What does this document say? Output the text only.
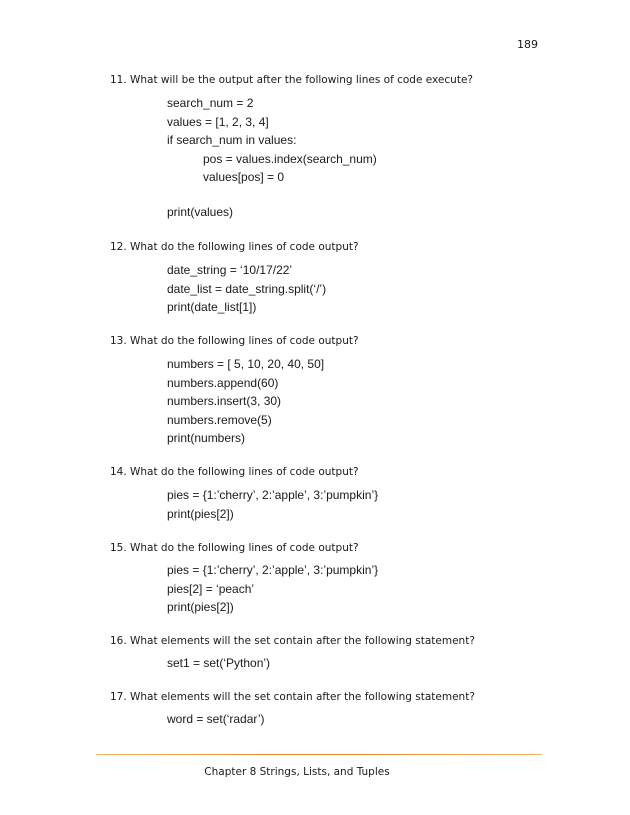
189
11. What will be the output after the following lines of code execute?
search_num = 2
values = [1, 2, 3, 4]
if search_num in values:
pos = values.index(search_num)
values[pos] = 0
print(values)
12. What do the following lines of code output?
date_string = ‘10/17/22’
date_list = date_string.split(‘/’)
print(date_list[1])
13. What do the following lines of code output?
numbers = [ 5, 10, 20, 40, 50]
numbers.append(60)
numbers.insert(3, 30)
numbers.remove(5)
print(numbers)
14. What do the following lines of code output?
pies = {1:’cherry’, 2:’apple’, 3:’pumpkin’}
print(pies[2])
15. What do the following lines of code output?
pies = {1:’cherry’, 2:’apple’, 3:’pumpkin’}
pies[2] = ‘peach’
print(pies[2])
16. What elements will the set contain after the following statement?
set1 = set(‘Python’)
17. What elements will the set contain after the following statement?
word = set(‘radar’)
Chapter 8 Strings, Lists, and Tuples
